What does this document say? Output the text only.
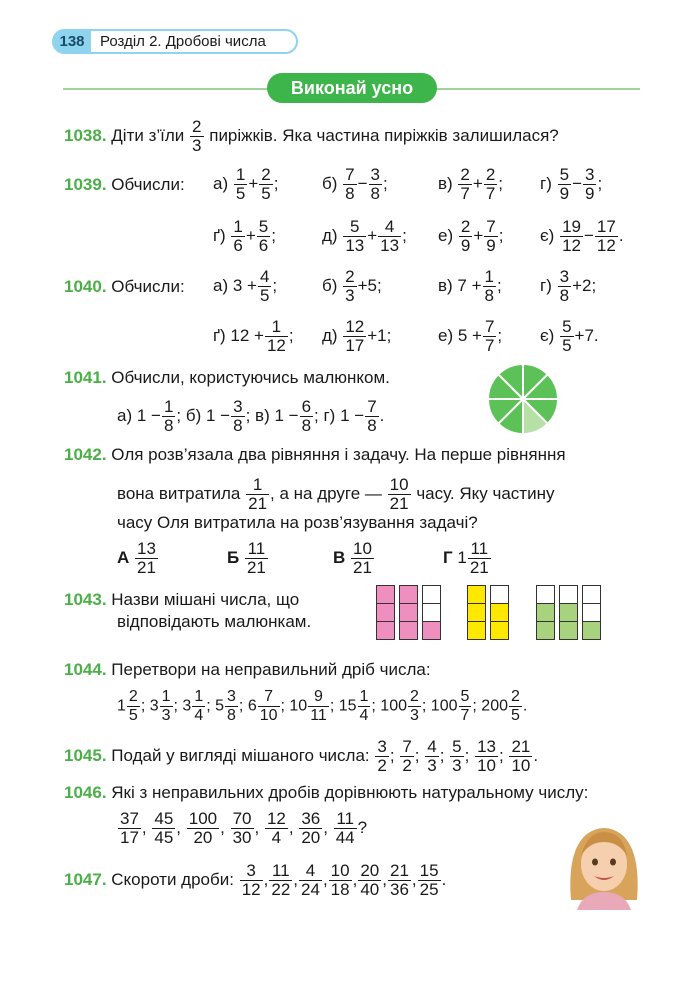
138	Розділ 2. Дробові числа
Виконай усно
1038. Діти з’їли $\frac{2}{3}$ пиріжків. Яка частина пиріжків залишилася?
1039. Обчисли: $а) \frac{1}{5} + \frac{2}{5}$ ;	$б) \frac{7}{8} - \frac{3}{8}$ ;	$в) \frac{2}{7} + \frac{2}{7}$ ; $г) \frac{5}{9} - \frac{3}{9}$ ;
$ґ) \frac{1}{6} + \frac{5}{6}$ ;	$д) \frac{5}{13} + \frac{4}{13}$ ; $е) \frac{2}{9} + \frac{7}{9}$ ; $є) \frac{19}{12} - \frac{17}{12}$ .
1040. Обчисли: а) $3 + \frac{4}{5}$ ;	$б) \frac{2}{3} +5$;	в) $7 + \frac{1}{8}$ ; $г) \frac{3}{8} +2$;
ґ) $12 + \frac{1}{12}$ ; $д) \frac{12}{17} +1$;	е) $5 + \frac{7}{7}$ ; $є) \frac{5}{5} +7$.
1041. Обчисли, користуючись малюнком.
а) $1 - \frac{1}{8}$ ; б) $1 - \frac{3}{8}$ ; в) $1 - \frac{6}{8}$ ; г) $1 - \frac{7}{8}$ .
1042. Оля розв’язала два рівняння і задачу. На перше рівняння
вона витратила $\frac{1}{21}$ , а на друге — $\frac{10}{21}$ часу. Яку частину
часу Оля витратила на розв’язування задачі?
А $\frac{13}{21}$	Б $\frac{11}{21}$	В $\frac{10}{21}$	Г $1 \frac{11}{21}$
1043. Назви мішані числа, що
відповідають малюнкам.
1044. Перетвори на неправильний дріб числа:
$1 \frac{2}{5}$ ; $3 \frac{1}{3}$ ; $3 \frac{1}{4}$ ; $5 \frac{3}{8}$ ; $6 \frac{7}{10}$ ; $10 \frac{9}{11}$ ; $15 \frac{1}{4}$ ; $100 \frac{2}{3}$ ; $100 \frac{5}{7}$ ; $200 \frac{2}{5}$ .
1045. Подай у вигляді мішаного числа: $\frac{3}{2}$ ; $\frac{7}{2}$ ; $\frac{4}{3}$ ; $\frac{5}{3}$ ; $\frac{13}{10}$ ; $\frac{21}{10}$ .
1046. Які з неправильних дробів дорівнюють натуральному числу:
$\frac{37}{17}$ , $\frac{45}{45}$ , $\frac{100}{20}$ , $\frac{70}{30}$ , $\frac{12}{4}$ , $\frac{36}{20}$ , $\frac{11}{44}$ ?
1047. Скороти дроби: $\frac{3}{12}$ , $\frac{11}{22}$ , $\frac{4}{24}$ , $\frac{10}{18}$ , $\frac{20}{40}$ , $\frac{21}{36}$ , $\frac{15}{25}$ .
